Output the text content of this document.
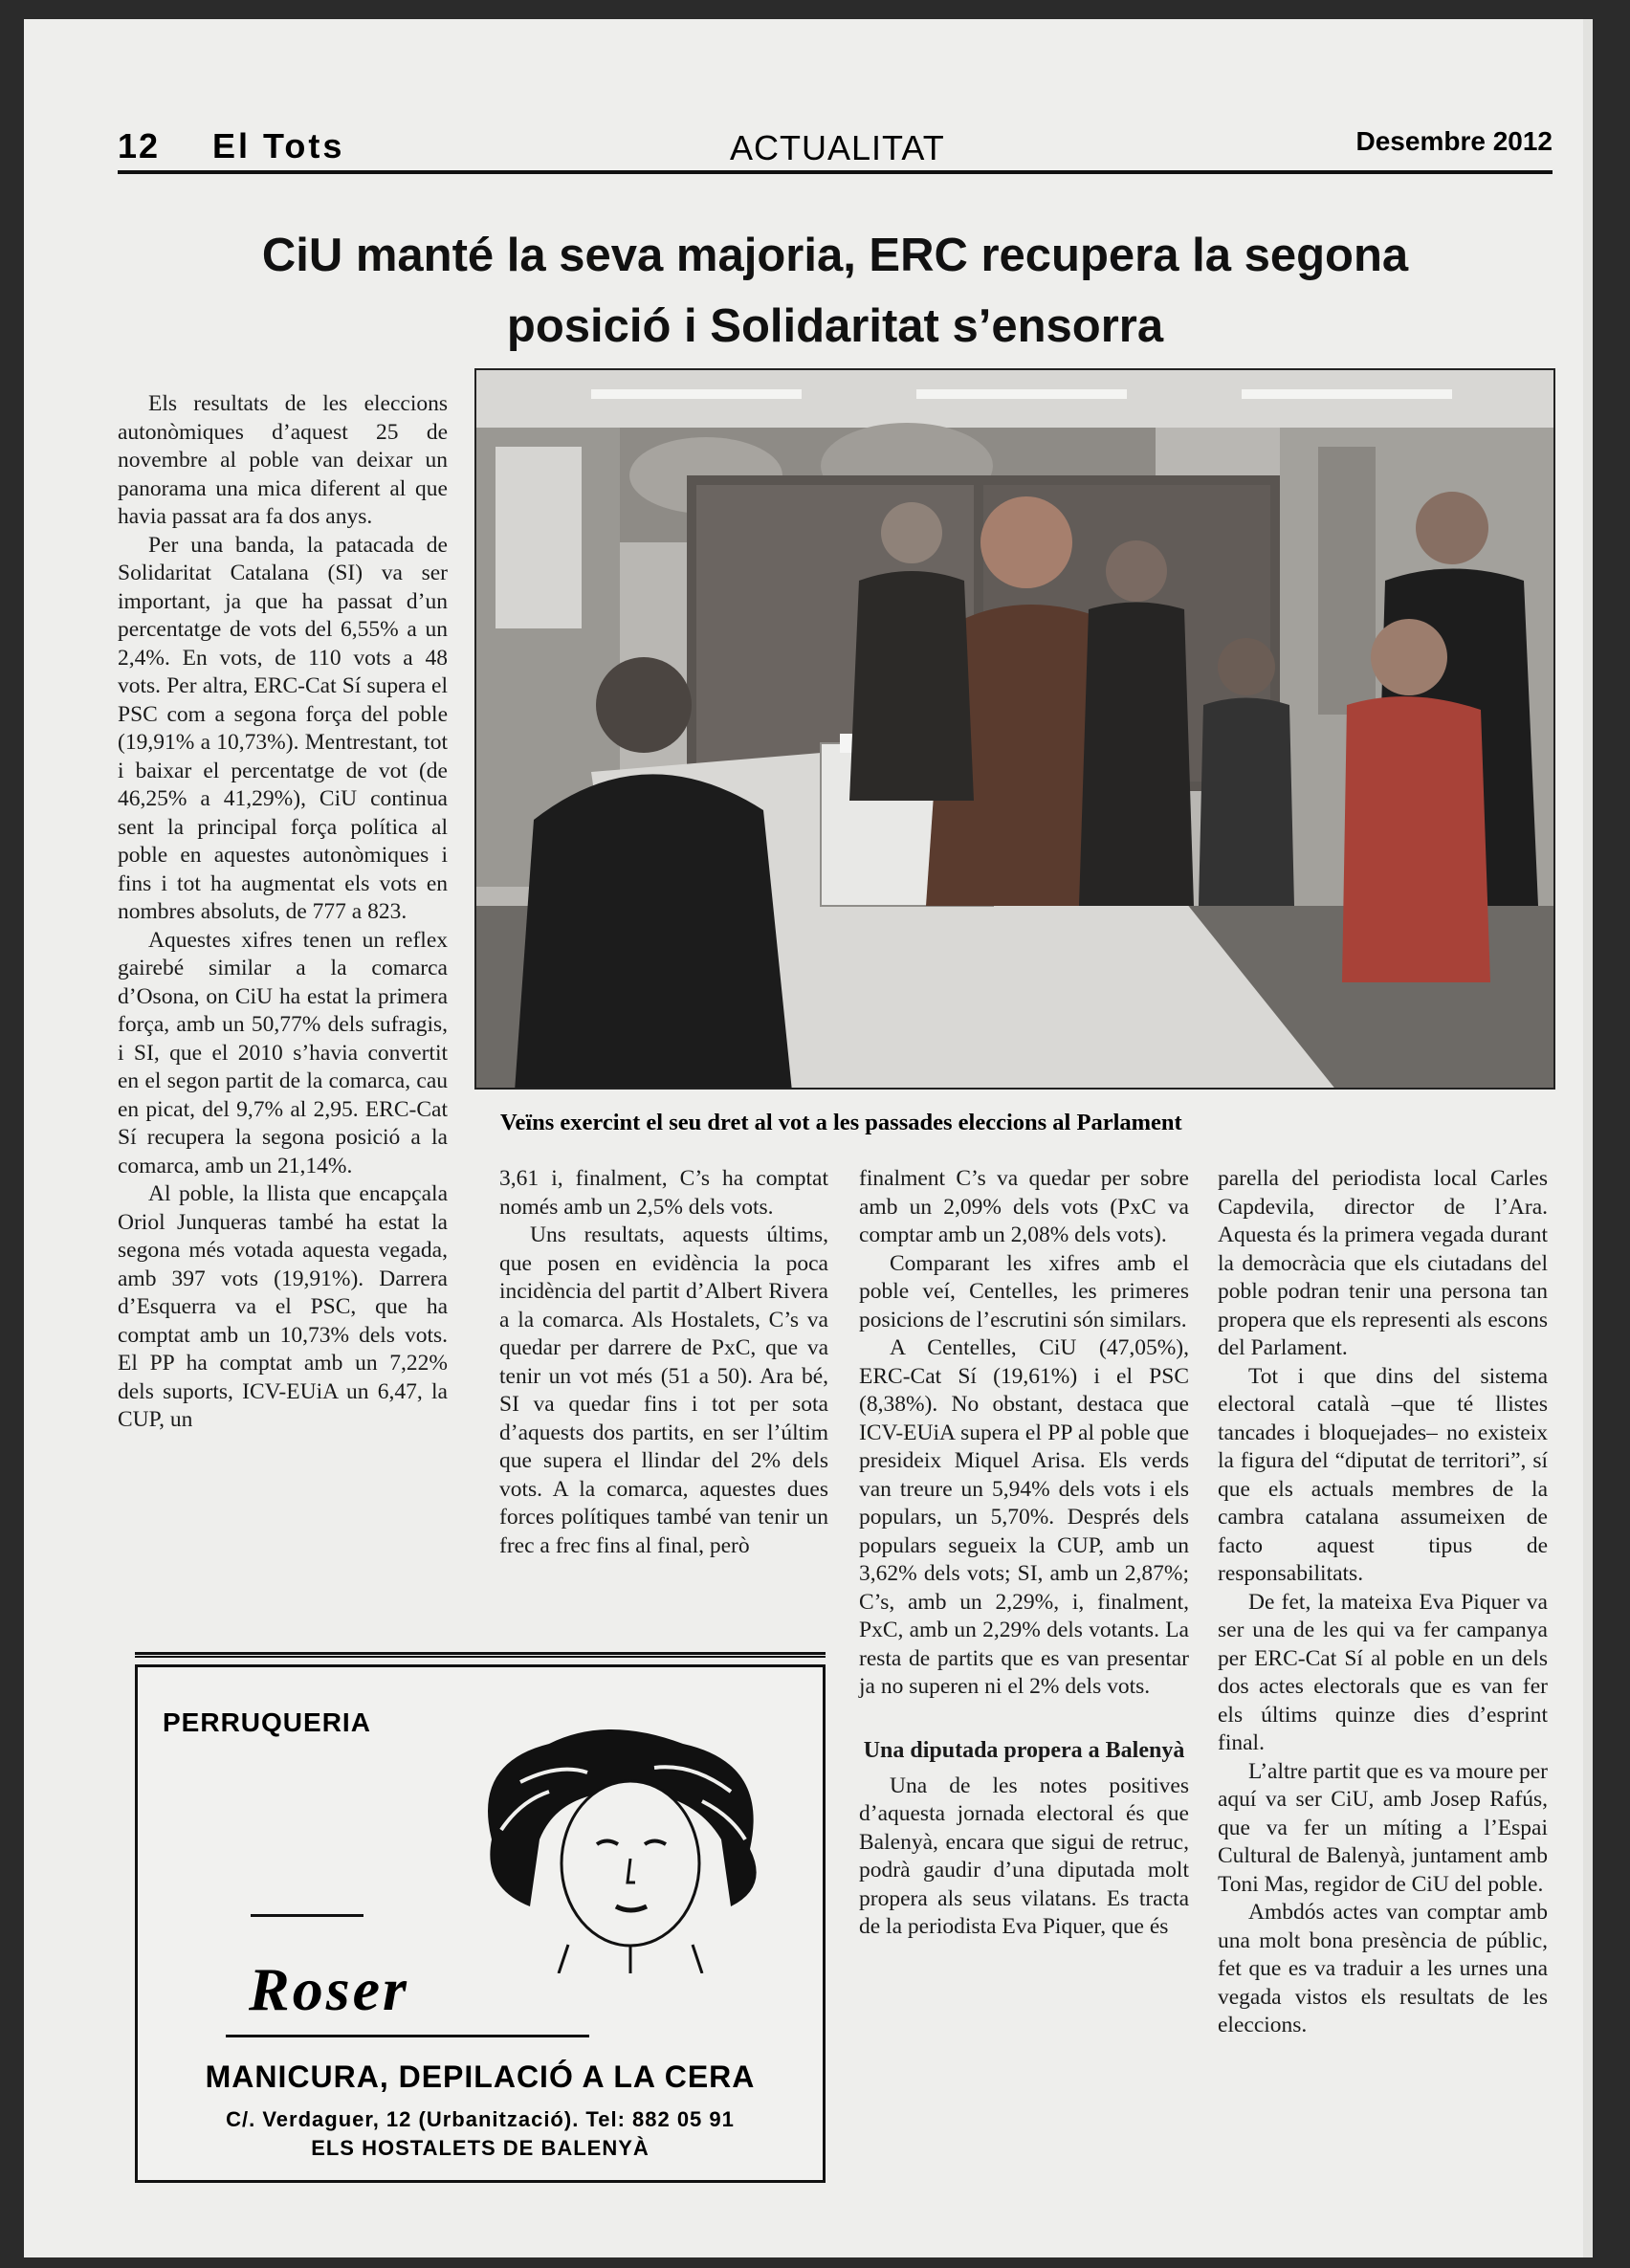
12 El Tots	ACTUALITAT	Desembre 2012
CiU manté la seva majoria, ERC recupera la segona
posició i Solidaritat s’ensorra

Els resultats de les eleccions autonòmiques d’aquest 25 de novembre al poble van deixar un panorama una mica diferent al que havia passat ara fa dos anys.

Per una banda, la patacada de Solidaritat Catalana (SI) va ser important, ja que ha passat d’un percentatge de vots del 6,55% a un 2,4%. En vots, de 110 vots a 48 vots. Per altra, ERC-Cat Sí supera el PSC com a segona força del poble (19,91% a 10,73%). Mentrestant, tot i baixar el percentatge de vot (de 46,25% a 41,29%), CiU continua sent la principal força política al poble en aquestes autonòmiques i fins i tot ha augmentat els vots en nombres absoluts, de 777 a 823.

Aquestes xifres tenen un reflex gairebé similar a la comarca d’Osona, on CiU ha estat la primera força, amb un 50,77% dels sufragis, i SI, que el 2010 s’havia convertit en el segon partit de la comarca, cau en picat, del 9,7% al 2,95. ERC-Cat Sí recupera la segona posició a la comarca, amb un 21,14%.

Al poble, la llista que encapçala Oriol Junqueras també ha estat la segona més votada aquesta vegada, amb 397 vots (19,91%). Darrera d’Esquerra va el PSC, que ha comptat amb un 10,73% dels vots. El PP ha comptat amb un 7,22% dels suports, ICV-EUiA un 6,47, la CUP, un

Veïns exercint el seu dret al vot a les passades eleccions al Parlament

3,61 i, finalment, C’s ha comptat només amb un 2,5% dels vots.

Uns resultats, aquests últims, que posen en evidència la poca incidència del partit d’Albert Rivera a la comarca. Als Hostalets, C’s va quedar per darrere de PxC, que va tenir un vot més (51 a 50). Ara bé, SI va quedar fins i tot per sota d’aquests dos partits, en ser l’últim que supera el llindar del 2% dels vots. A la comarca, aquestes dues forces polítiques també van tenir un frec a frec fins al final, però

finalment C’s va quedar per sobre amb un 2,09% dels vots (PxC va comptar amb un 2,08% dels vots).

Comparant les xifres amb el poble veí, Centelles, les primeres posicions de l’escrutini són similars.

A Centelles, CiU (47,05%), ERC-Cat Sí (19,61%) i el PSC (8,38%). No obstant, destaca que ICV-EUiA supera el PP al poble que presideix Miquel Arisa. Els verds van treure un 5,94% dels vots i els populars, un 5,70%. Després dels populars segueix la CUP, amb un 3,62% dels vots; SI, amb un 2,87%; C’s, amb un 2,29%, i, finalment, PxC, amb un 2,29% dels votants. La resta de partits que es van presentar ja no superen ni el 2% dels vots.

Una diputada propera a Balenyà

Una de les notes positives d’aquesta jornada electoral és que Balenyà, encara que sigui de retruc, podrà gaudir d’una diputada molt propera als seus vilatans. Es tracta de la periodista Eva Piquer, que és

parella del periodista local Carles Capdevila, director de l’Ara. Aquesta és la primera vegada durant la democràcia que els ciutadans del poble podran tenir una persona tan propera que els representi als escons del Parlament.

Tot i que dins del sistema electoral català –que té llistes tancades i bloquejades– no existeix la figura del “diputat de territori”, sí que els actuals membres de la cambra catalana assumeixen de facto aquest tipus de responsabilitats.

De fet, la mateixa Eva Piquer va ser una de les qui va fer campanya per ERC-Cat Sí al poble en un dels dos actes electorals que es van fer els últims quinze dies d’esprint final.

L’altre partit que es va moure per aquí va ser CiU, amb Josep Rafús, que va fer un míting a l’Espai Cultural de Balenyà, juntament amb Toni Mas, regidor de CiU del poble.

Ambdós actes van comptar amb una molt bona presència de públic, fet que es va traduir a les urnes una vegada vistos els resultats de les eleccions.

PERRUQUERIA
Roser
MANICURA, DEPILACIÓ A LA CERA
C/. Verdaguer, 12 (Urbanització). Tel: 882 05 91
ELS HOSTALETS DE BALENYÀ
